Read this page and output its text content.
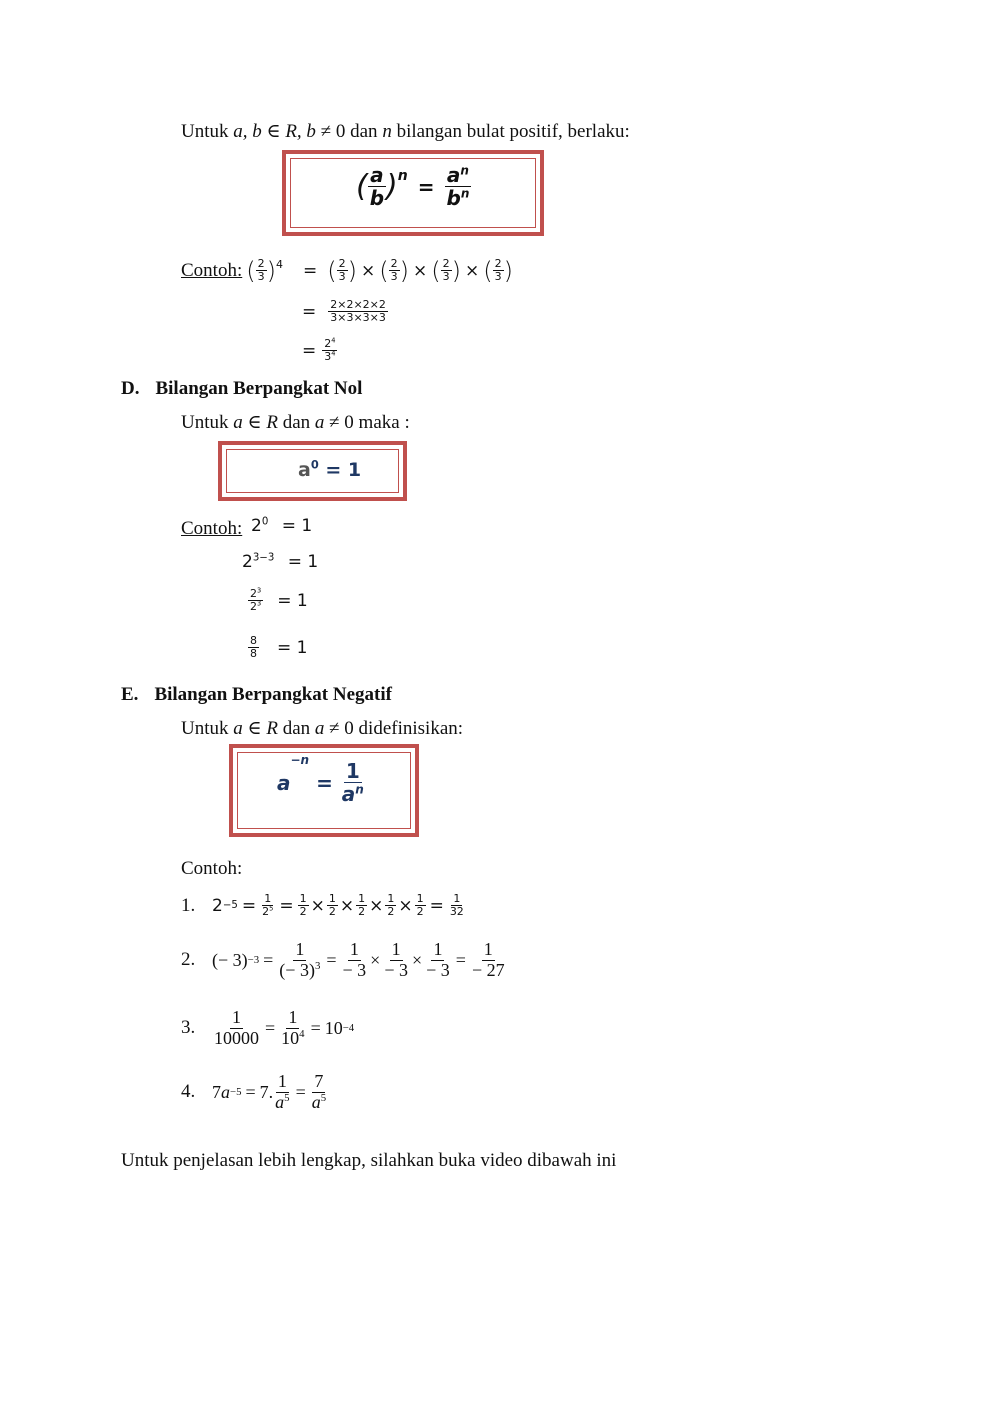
Untuk a, b ∈ R, b ≠ 0 dan n bilangan bulat positif, berlaku:
( $\frac{a}{b}$ ) $n = \frac{a^n}{b^n}$
Contoh: ( $\frac{2}{3}$ ) 4 = ( $\frac{2}{3}$ ) × ( $\frac{2}{3}$ ) × ( $\frac{2}{3}$ ) × ( $\frac{2}{3}$ )
= $\frac{2\times 2\times 2\times 2}{3\times 3\times 3\times 3}$
= $\frac{2^4}{3^4}$
D. Bilangan Berpangkat Nol
Untuk a ∈ R dan a ≠ 0 maka :
$a^0 = 1$
Contoh: $2^0 = 1$
$2^{3-3} = 1$
$\frac{2^3}{2^3} = 1$
$\frac{8}{8} = 1$
E. Bilangan Berpangkat Negatif
Untuk a ∈ R dan a ≠ 0 didefinisikan:
a
−n
= $\frac{1}{a^n}$
Contoh:
1. $2 -5 = \frac{1}{2^5} = \frac{1}{2} \times \frac{1}{2} \times \frac{1}{2} \times \frac{1}{2} \times \frac{1}{2} = \frac{1}{32}$
2. (− $3) -3 = \frac{1}{(- 3)^3} = \frac{1}{- 3} \times \frac{1}{- 3} \times \frac{1}{- 3} = \frac{1}{- 27}$
3. $\frac{1}{10000} = \frac{1}{10^4} = 10 -4$
4. 7 a −5 = 7. $\frac{1}{a^5} = \frac{7}{a^5}$
Untuk penjelasan lebih lengkap, silahkan buka video dibawah ini
